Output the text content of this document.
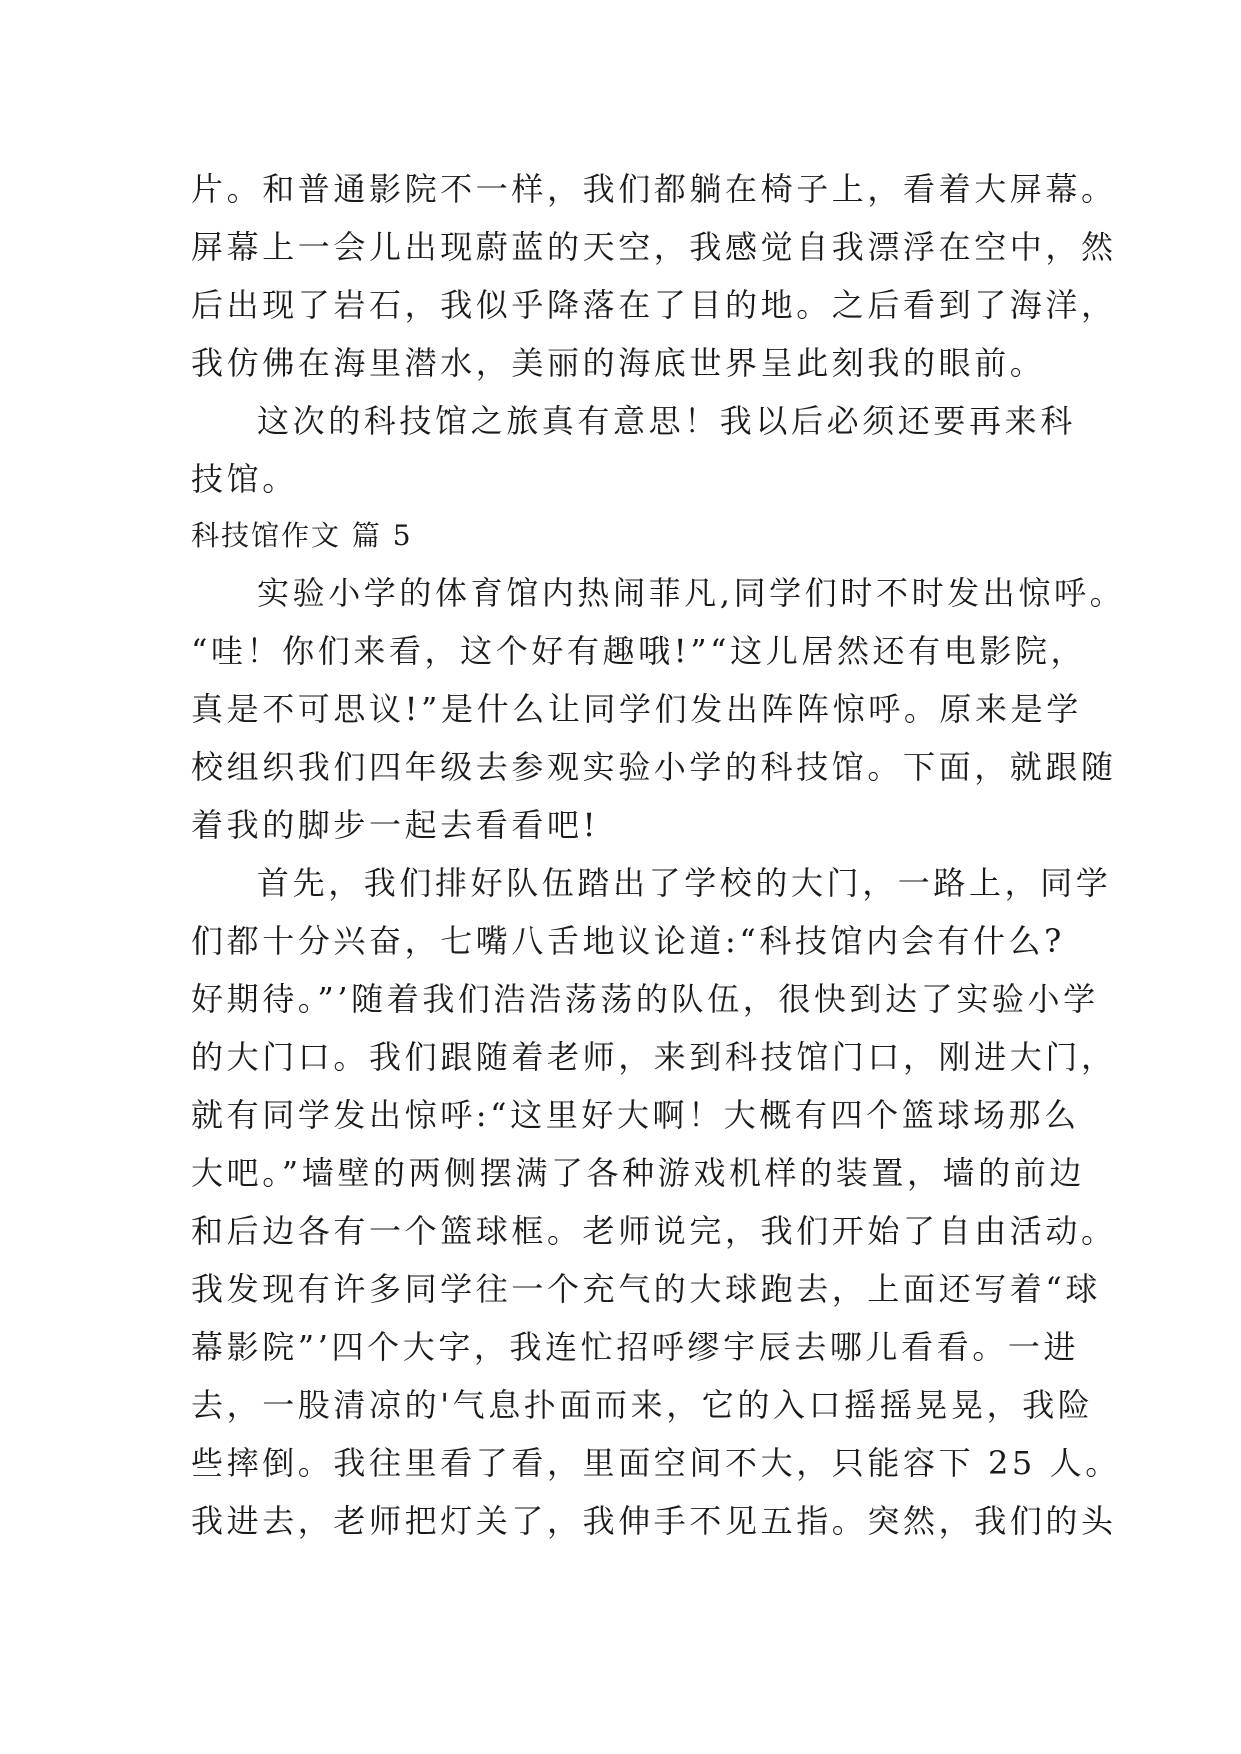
片。和普通影院不一样，我们都躺在椅子上，看着大屏幕。
屏幕上一会儿出现蔚蓝的天空，我感觉自我漂浮在空中，然
后出现了岩石，我似乎降落在了目的地。之后看到了海洋，
我仿佛在海里潜水，美丽的海底世界呈此刻我的眼前。
这次的科技馆之旅真有意思！我以后必须还要再来科
技馆。
科技馆作文 篇 5
实验小学的体育馆内热闹菲凡,同学们时不时发出惊呼。
“哇！你们来看，这个好有趣哦!”“这儿居然还有电影院，
真是不可思议!”是什么让同学们发出阵阵惊呼。原来是学
校组织我们四年级去参观实验小学的科技馆。下面，就跟随
着我的脚步一起去看看吧!
首先，我们排好队伍踏出了学校的大门，一路上，同学
们都十分兴奋，七嘴八舌地议论道:“科技馆内会有什么?
好期待。”’随着我们浩浩荡荡的队伍，很快到达了实验小学
的大门口。我们跟随着老师，来到科技馆门口，刚进大门，
就有同学发出惊呼:“这里好大啊！大概有四个篮球场那么
大吧。”墙壁的两侧摆满了各种游戏机样的装置，墙的前边
和后边各有一个篮球框。老师说完，我们开始了自由活动。
我发现有许多同学往一个充气的大球跑去，上面还写着“球
幕影院”’四个大字，我连忙招呼缪宇辰去哪儿看看。一进
去，一股清凉的'气息扑面而来，它的入口摇摇晃晃，我险
些摔倒。我往里看了看，里面空间不大，只能容下 25 人。
我进去，老师把灯关了，我伸手不见五指。突然，我们的头
